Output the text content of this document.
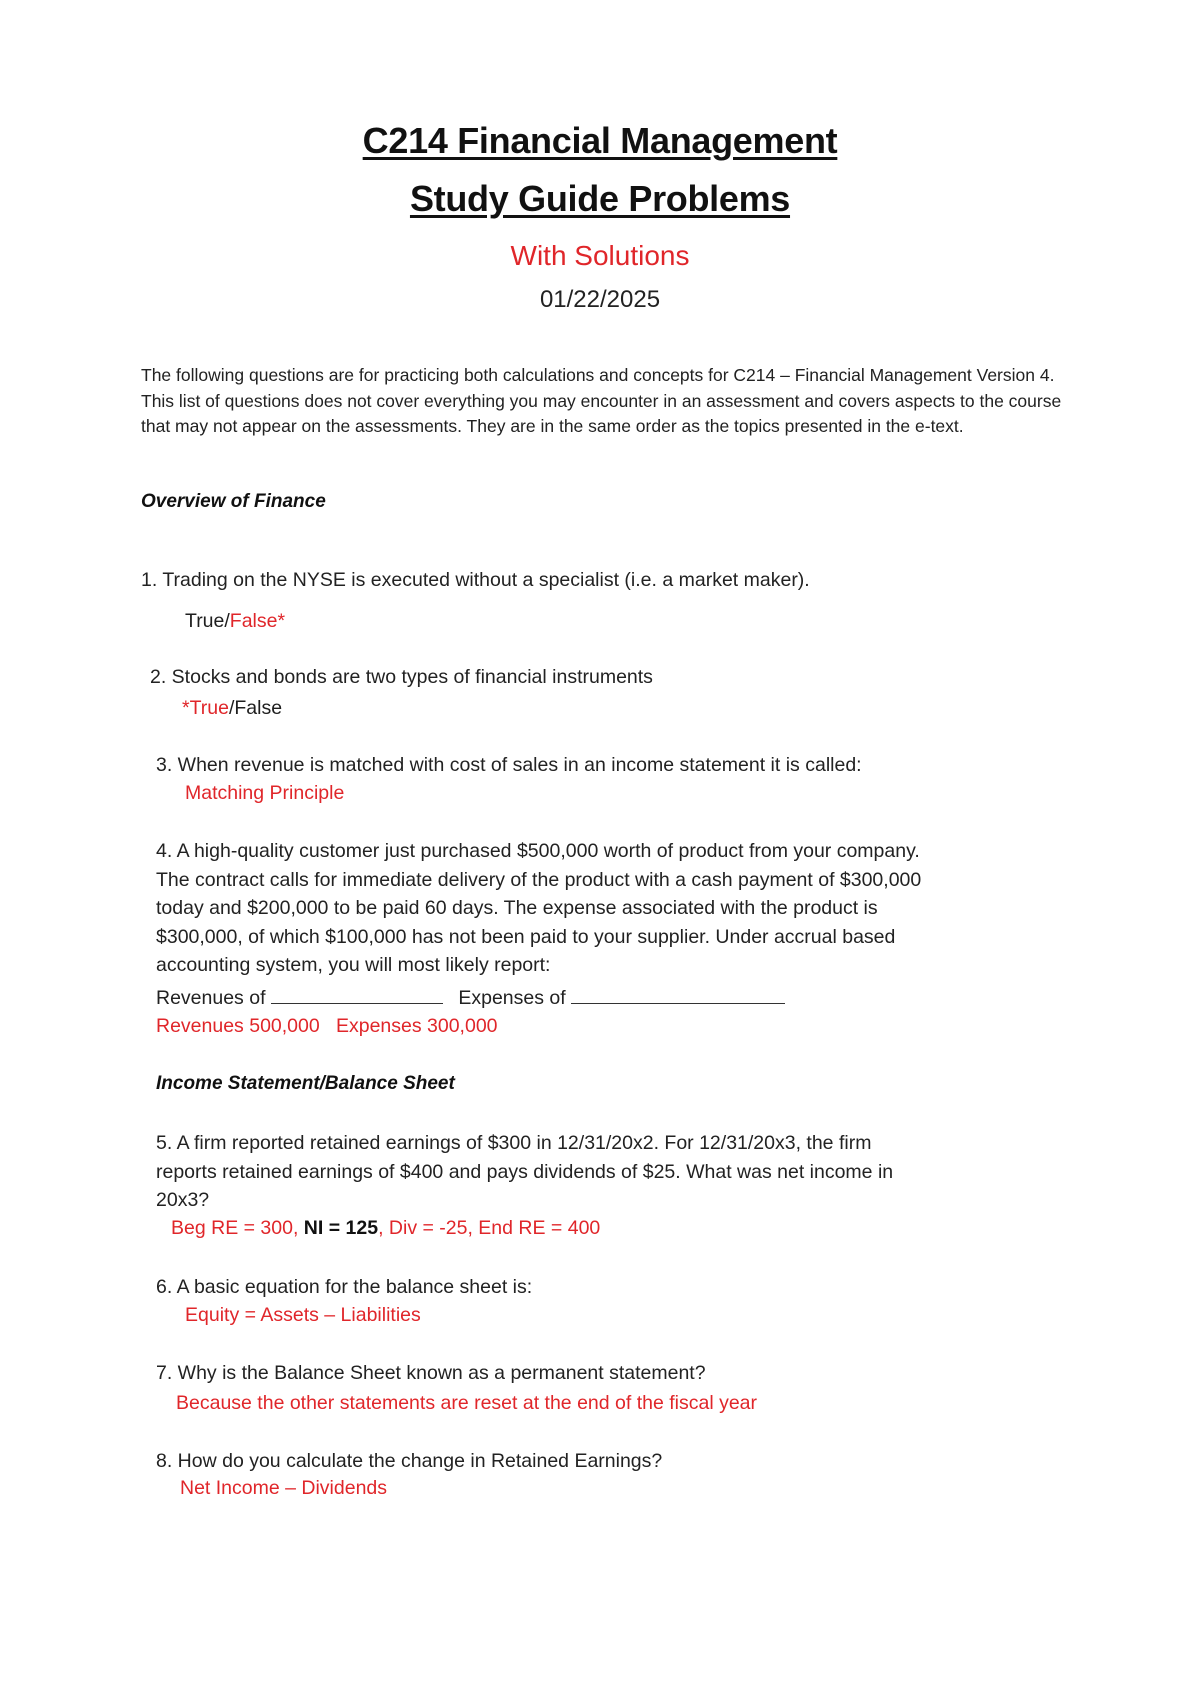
C214 Financial Management
Study Guide Problems
With Solutions
01/22/2025
The following questions are for practicing both calculations and concepts for C214 – Financial Management Version 4. This list of questions does not cover everything you may encounter in an assessment and covers aspects to the course that may not appear on the assessments. They are in the same order as the topics presented in the e-text.
Overview of Finance
1. Trading on the NYSE is executed without a specialist (i.e. a market maker).
True/False*
2. Stocks and bonds are two types of financial instruments
*True/False
3. When revenue is matched with cost of sales in an income statement it is called:
Matching Principle
4. A high-quality customer just purchased $500,000 worth of product from your company. The contract calls for immediate delivery of the product with a cash payment of $300,000 today and $200,000 to be paid 60 days. The expense associated with the product is $300,000, of which $100,000 has not been paid to your supplier. Under accrual based accounting system, you will most likely report:
Revenues of	Expenses of
Revenues 500,000   Expenses 300,000
Income Statement/Balance Sheet
5. A firm reported retained earnings of $300 in 12/31/20x2. For 12/31/20x3, the firm reports retained earnings of $400 and pays dividends of $25. What was net income in 20x3?
Beg RE = 300, NI = 125, Div = -25, End RE = 400
6. A basic equation for the balance sheet is:
Equity = Assets – Liabilities
7. Why is the Balance Sheet known as a permanent statement?
Because the other statements are reset at the end of the fiscal year
8. How do you calculate the change in Retained Earnings?
Net Income – Dividends
